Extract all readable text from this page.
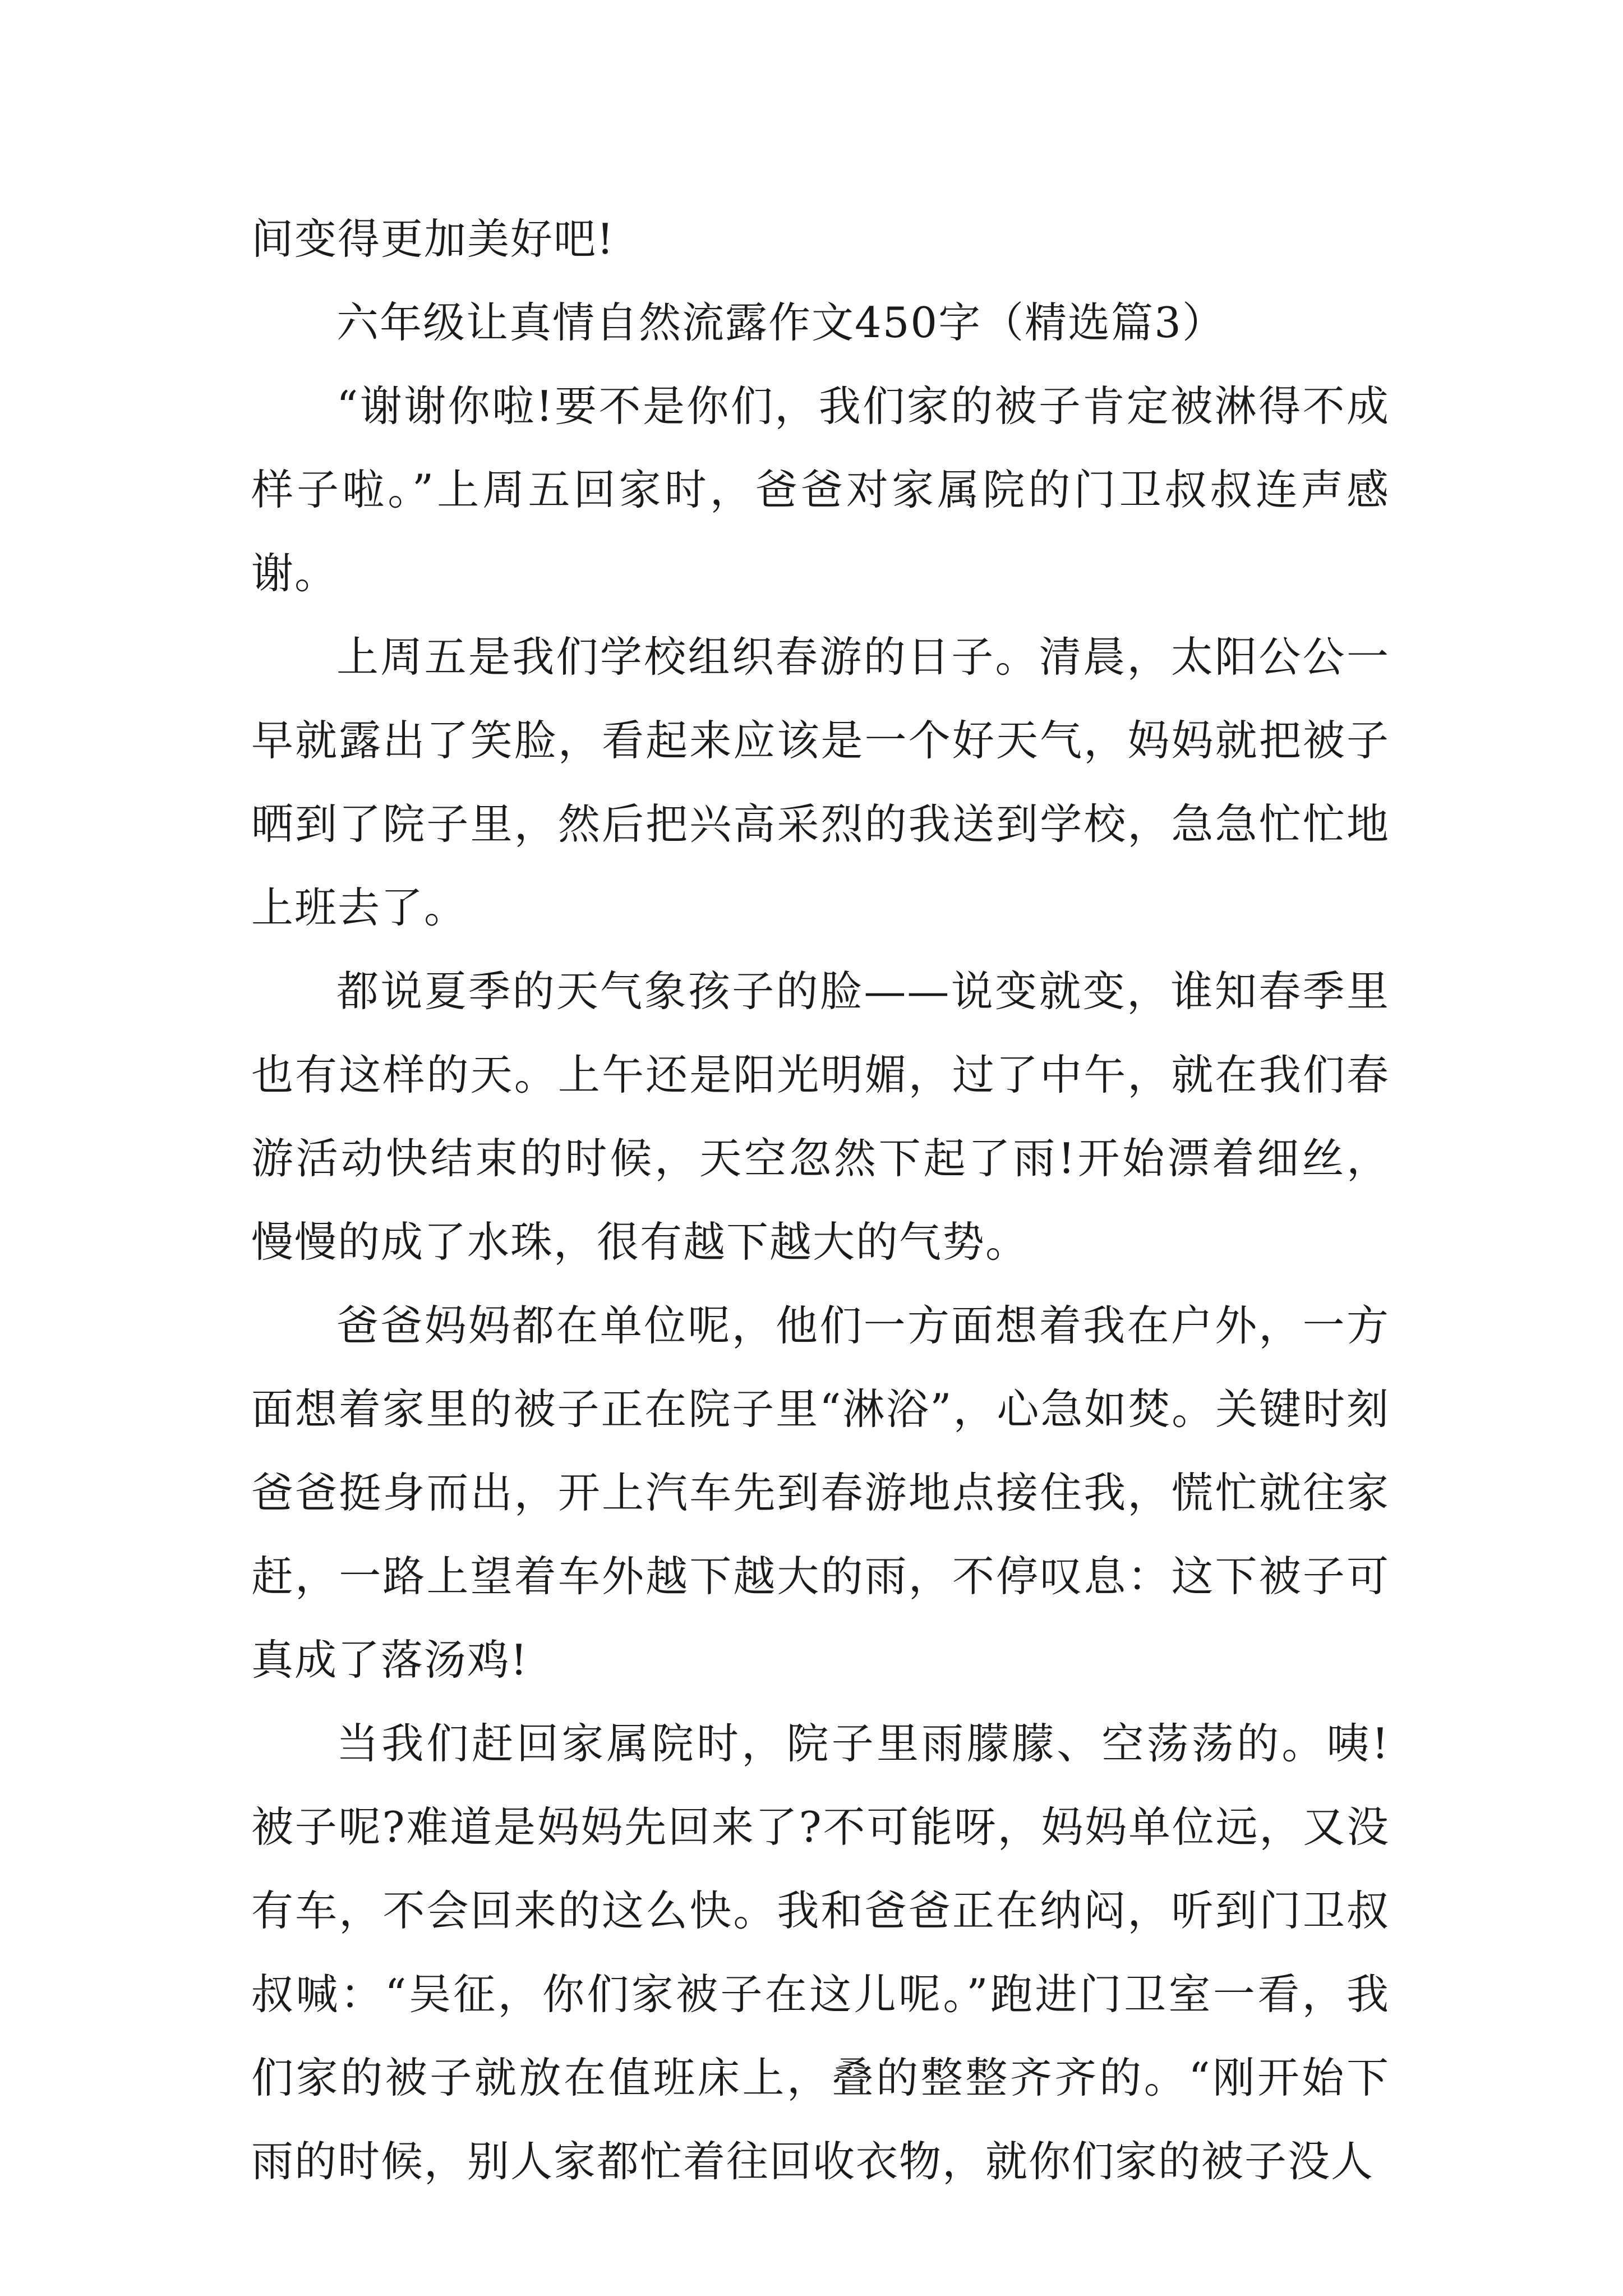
间变得更加美好吧!

六年级让真情自然流露作文450字（精选篇3）

“谢谢你啦!要不是你们，我们家的被子肯定被淋得不成样子啦。”上周五回家时，爸爸对家属院的门卫叔叔连声感谢。

上周五是我们学校组织春游的日子。清晨，太阳公公一早就露出了笑脸，看起来应该是一个好天气，妈妈就把被子晒到了院子里，然后把兴高采烈的我送到学校，急急忙忙地上班去了。

都说夏季的天气象孩子的脸——说变就变，谁知春季里也有这样的天。上午还是阳光明媚，过了中午，就在我们春游活动快结束的时候，天空忽然下起了雨!开始漂着细丝，慢慢的成了水珠，很有越下越大的气势。

爸爸妈妈都在单位呢，他们一方面想着我在户外，一方面想着家里的被子正在院子里“淋浴”，心急如焚。关键时刻爸爸挺身而出，开上汽车先到春游地点接住我，慌忙就往家赶，一路上望着车外越下越大的雨，不停叹息：这下被子可真成了落汤鸡!

当我们赶回家属院时，院子里雨朦朦、空荡荡的。咦!被子呢?难道是妈妈先回来了?不可能呀，妈妈单位远，又没有车，不会回来的这么快。我和爸爸正在纳闷，听到门卫叔叔喊：“吴征，你们家被子在这儿呢。”跑进门卫室一看，我们家的被子就放在值班床上，叠的整整齐齐的。“刚开始下雨的时候，别人家都忙着往回收衣物，就你们家的被子没人
